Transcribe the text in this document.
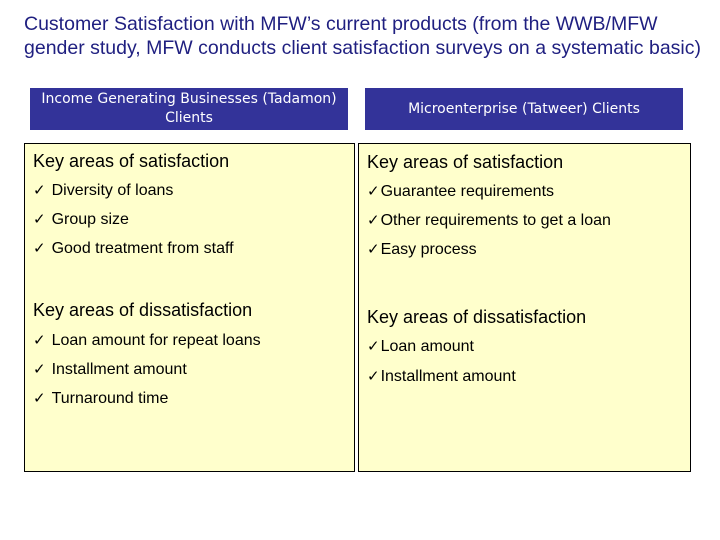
Customer Satisfaction with MFW’s current products (from the WWB/MFW gender study, MFW conducts client satisfaction surveys on a systematic basic)
Income Generating Businesses (Tadamon) Clients
Microenterprise (Tatweer) Clients
Key areas of satisfaction
✓ Diversity of loans
✓ Group size
✓ Good treatment from staff
Key areas of dissatisfaction
✓ Loan amount for repeat loans
✓ Installment amount
✓ Turnaround time
Key areas of satisfaction
✓Guarantee requirements
✓Other requirements to get a loan
✓Easy process
Key areas of dissatisfaction
✓Loan amount
✓Installment amount
